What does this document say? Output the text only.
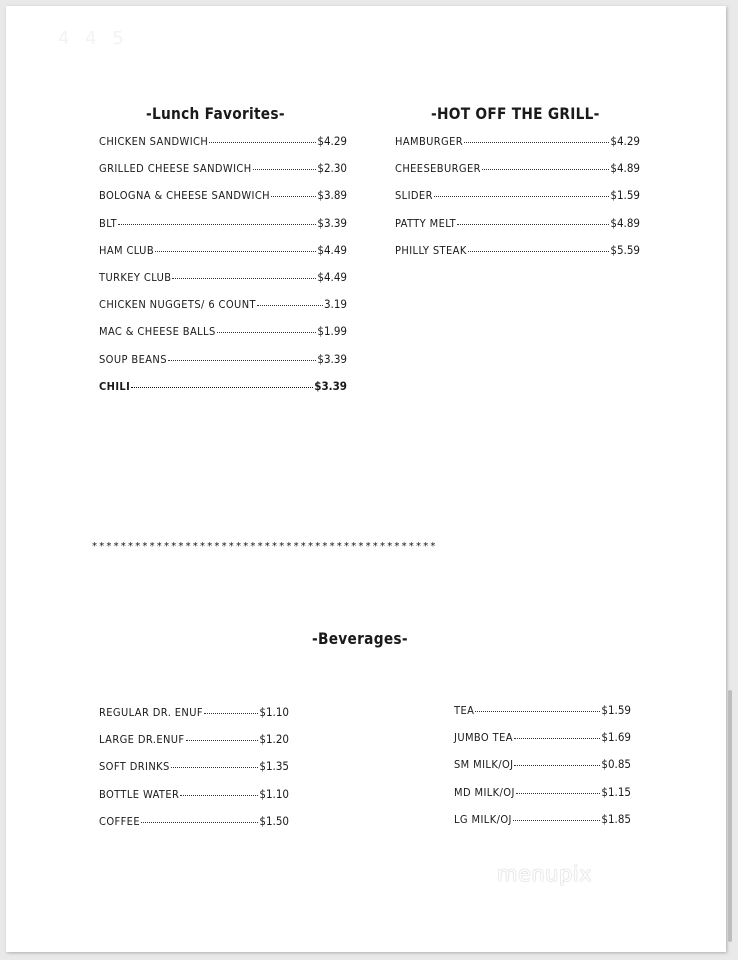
4 4 5
-Lunch Favorites-
CHICKEN SANDWICH	$4.29
GRILLED CHEESE SANDWICH	$2.30
BOLOGNA & CHEESE SANDWICH	$3.89
BLT	$3.39
HAM CLUB	$4.49
TURKEY CLUB	$4.49
CHICKEN NUGGETS/ 6 COUNT	3.19
MAC & CHEESE BALLS	$1.99
SOUP BEANS	$3.39
CHILI	$3.39
-HOT OFF THE GRILL-
HAMBURGER	$4.29
CHEESEBURGER	$4.89
SLIDER	$1.59
PATTY MELT	$4.89
PHILLY STEAK	$5.59
************************************************
-Beverages-
REGULAR DR. ENUF	$1.10
LARGE DR.ENUF	$1.20
SOFT DRINKS	$1.35
BOTTLE WATER	$1.10
COFFEE	$1.50
TEA	$1.59
JUMBO TEA	$1.69
SM MILK/OJ	$0.85
MD MILK/OJ	$1.15
LG MILK/OJ	$1.85
menupix
